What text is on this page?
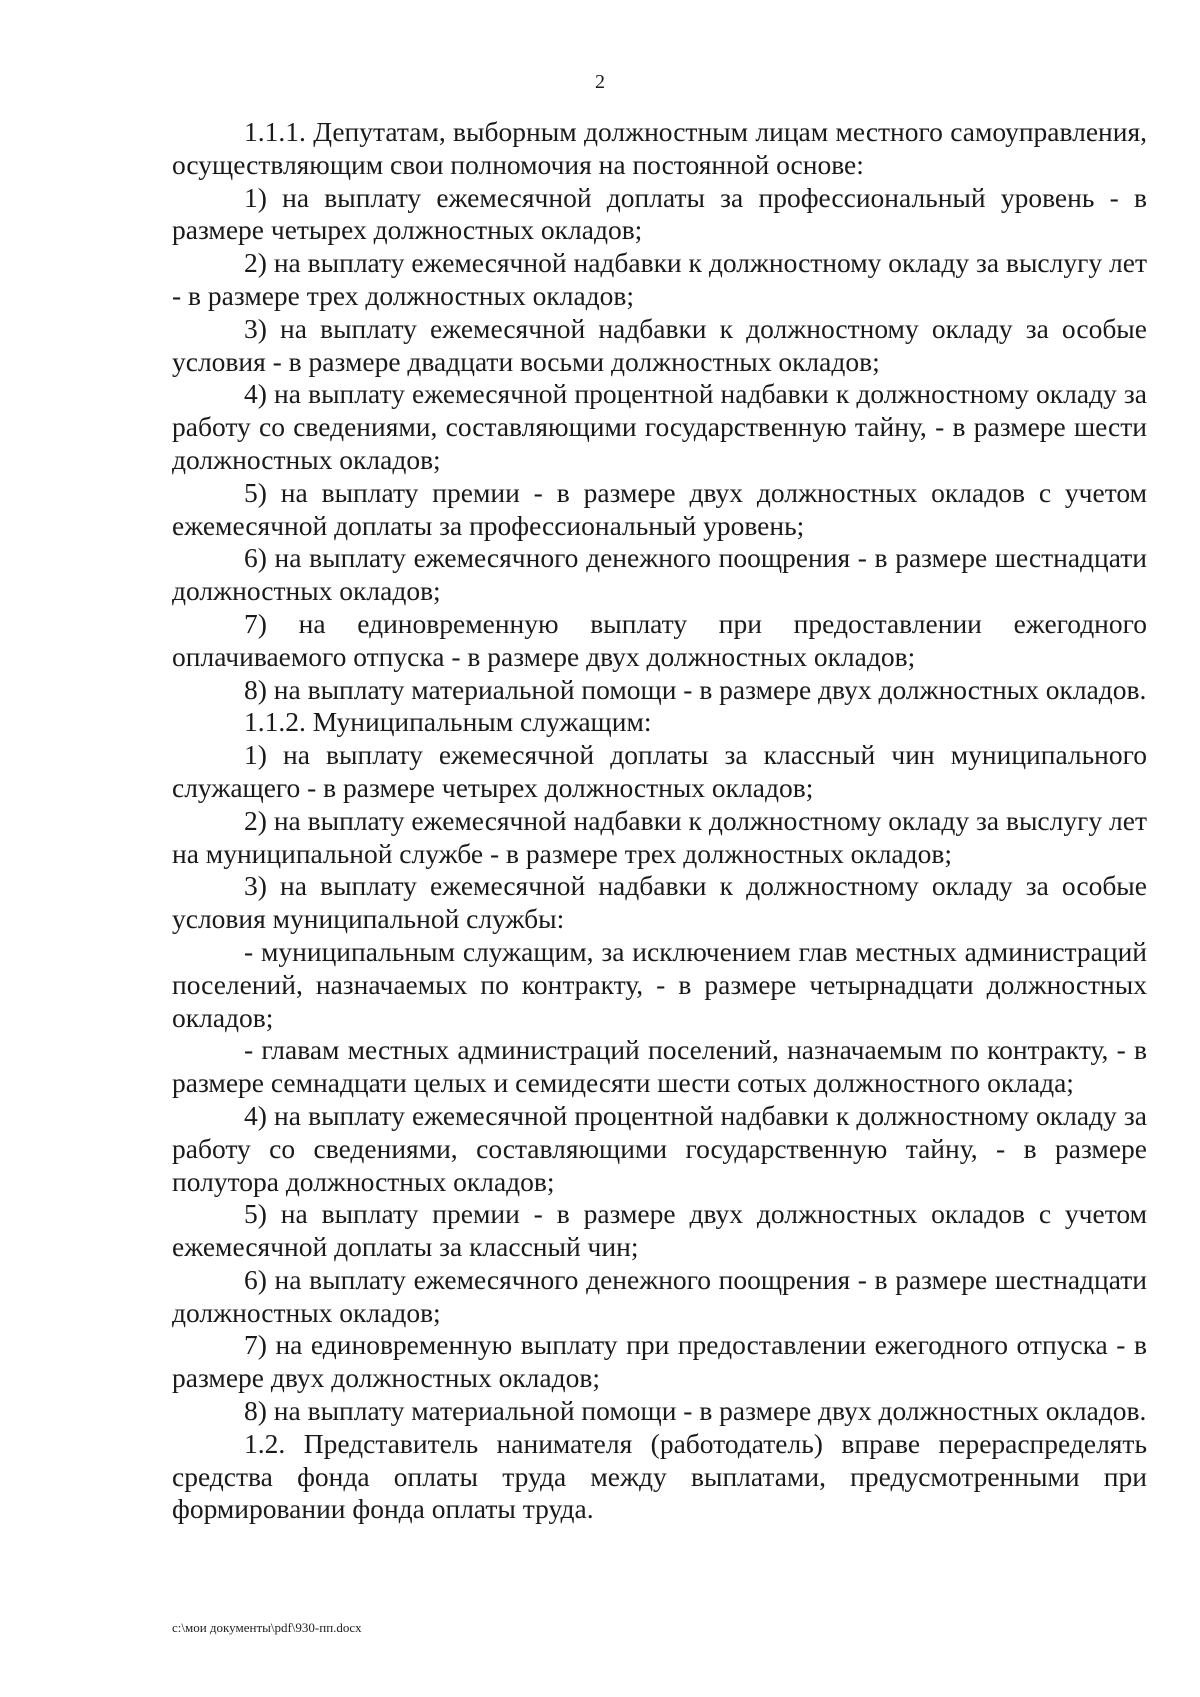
2

1.1.1. Депутатам, выборным должностным лицам местного самоуправления, осуществляющим свои полномочия на постоянной основе:

1) на выплату ежемесячной доплаты за профессиональный уровень - в размере четырех должностных окладов;

2) на выплату ежемесячной надбавки к должностному окладу за выслугу лет - в размере трех должностных окладов;

3) на выплату ежемесячной надбавки к должностному окладу за особые условия - в размере двадцати восьми должностных окладов;

4) на выплату ежемесячной процентной надбавки к должностному окладу за работу со сведениями, составляющими государственную тайну, - в размере шести должностных окладов;

5) на выплату премии - в размере двух должностных окладов с учетом ежемесячной доплаты за профессиональный уровень;

6) на выплату ежемесячного денежного поощрения - в размере шестнадцати должностных окладов;

7) на единовременную выплату при предоставлении ежегодного оплачиваемого отпуска - в размере двух должностных окладов;

8) на выплату материальной помощи - в размере двух должностных окладов.

1.1.2. Муниципальным служащим:

1) на выплату ежемесячной доплаты за классный чин муниципального служащего - в размере четырех должностных окладов;

2) на выплату ежемесячной надбавки к должностному окладу за выслугу лет на муниципальной службе - в размере трех должностных окладов;

3) на выплату ежемесячной надбавки к должностному окладу за особые условия муниципальной службы:

- муниципальным служащим, за исключением глав местных администраций поселений, назначаемых по контракту, - в размере четырнадцати должностных окладов;

- главам местных администраций поселений, назначаемым по контракту, - в размере семнадцати целых и семидесяти шести сотых должностного оклада;

4) на выплату ежемесячной процентной надбавки к должностному окладу за работу со сведениями, составляющими государственную тайну, - в размере полутора должностных окладов;

5) на выплату премии - в размере двух должностных окладов с учетом ежемесячной доплаты за классный чин;

6) на выплату ежемесячного денежного поощрения - в размере шестнадцати должностных окладов;

7) на единовременную выплату при предоставлении ежегодного отпуска - в размере двух должностных окладов;

8) на выплату материальной помощи - в размере двух должностных окладов.

1.2. Представитель нанимателя (работодатель) вправе перераспределять средства фонда оплаты труда между выплатами, предусмотренными при формировании фонда оплаты труда.

c:\мои документы\pdf\930-пп.docx
